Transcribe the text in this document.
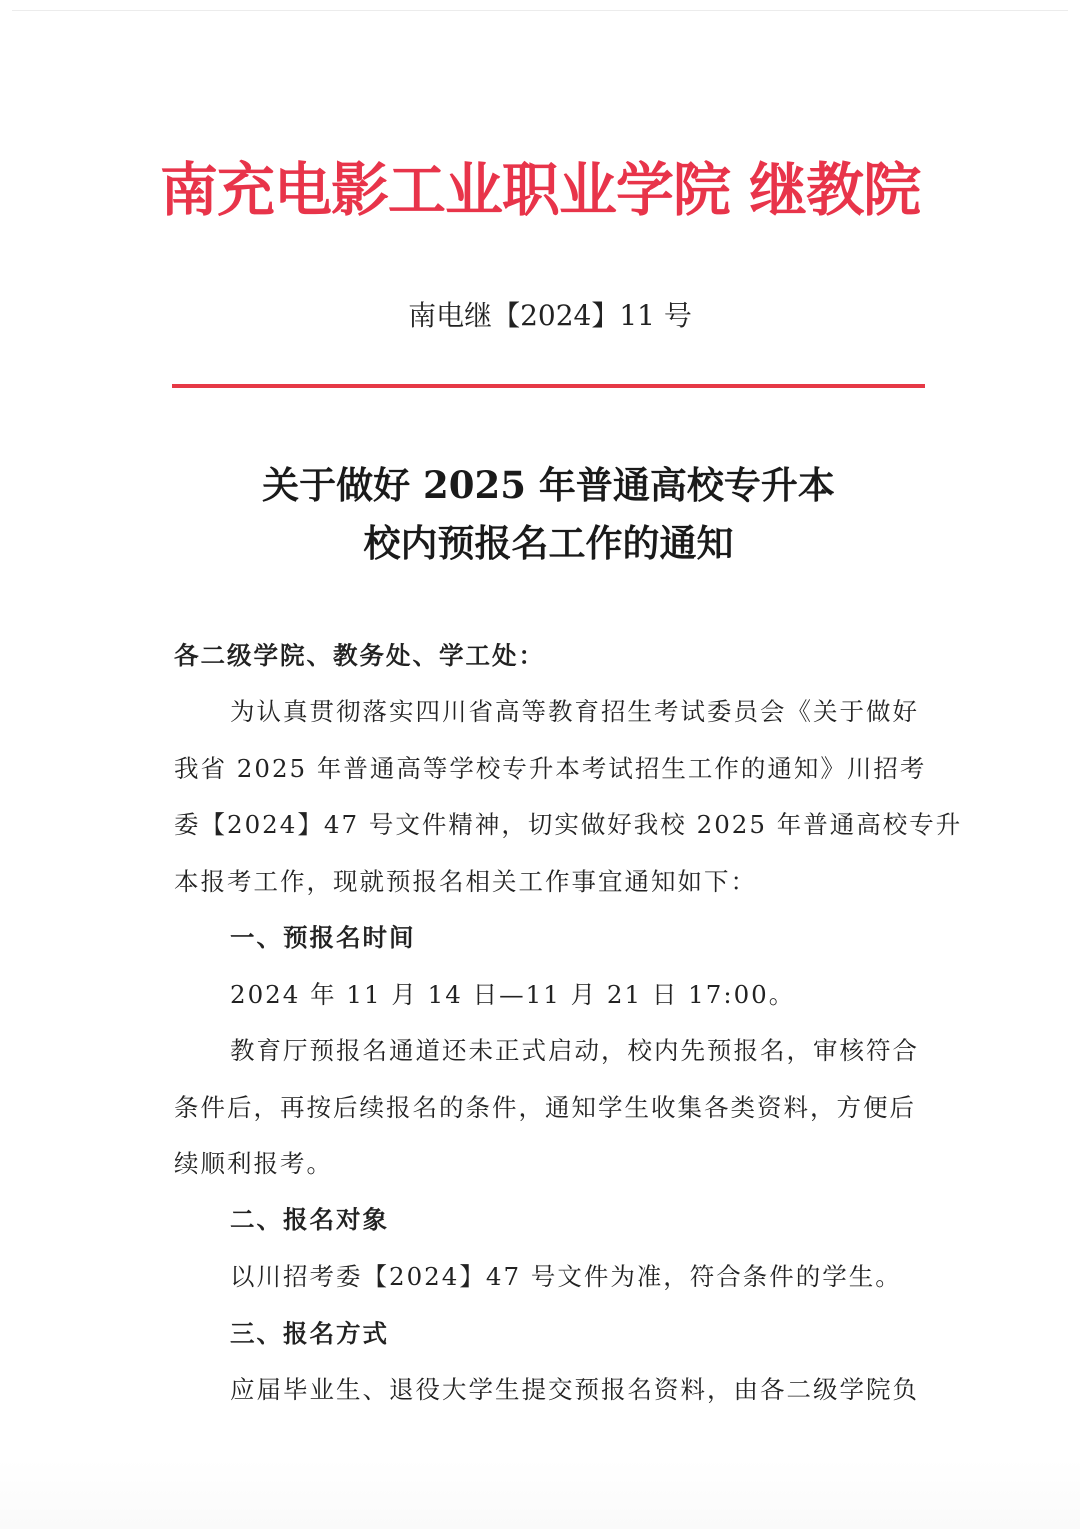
南充电影工业职业学院 继教院
南电继【2024】11 号
关于做好 2025 年普通高校专升本
校内预报名工作的通知
各二级学院、教务处、学工处：
为认真贯彻落实四川省高等教育招生考试委员会《关于做好
我省 2025 年普通高等学校专升本考试招生工作的通知》川招考
委【2024】47 号文件精神，切实做好我校 2025 年普通高校专升
本报考工作，现就预报名相关工作事宜通知如下：
一、预报名时间
2024 年 11 月 14 日—11 月 21 日 17:00。
教育厅预报名通道还未正式启动，校内先预报名，审核符合
条件后，再按后续报名的条件，通知学生收集各类资料，方便后
续顺利报考。
二、报名对象
以川招考委【2024】47 号文件为准，符合条件的学生。
三、报名方式
应届毕业生、退役大学生提交预报名资料，由各二级学院负
